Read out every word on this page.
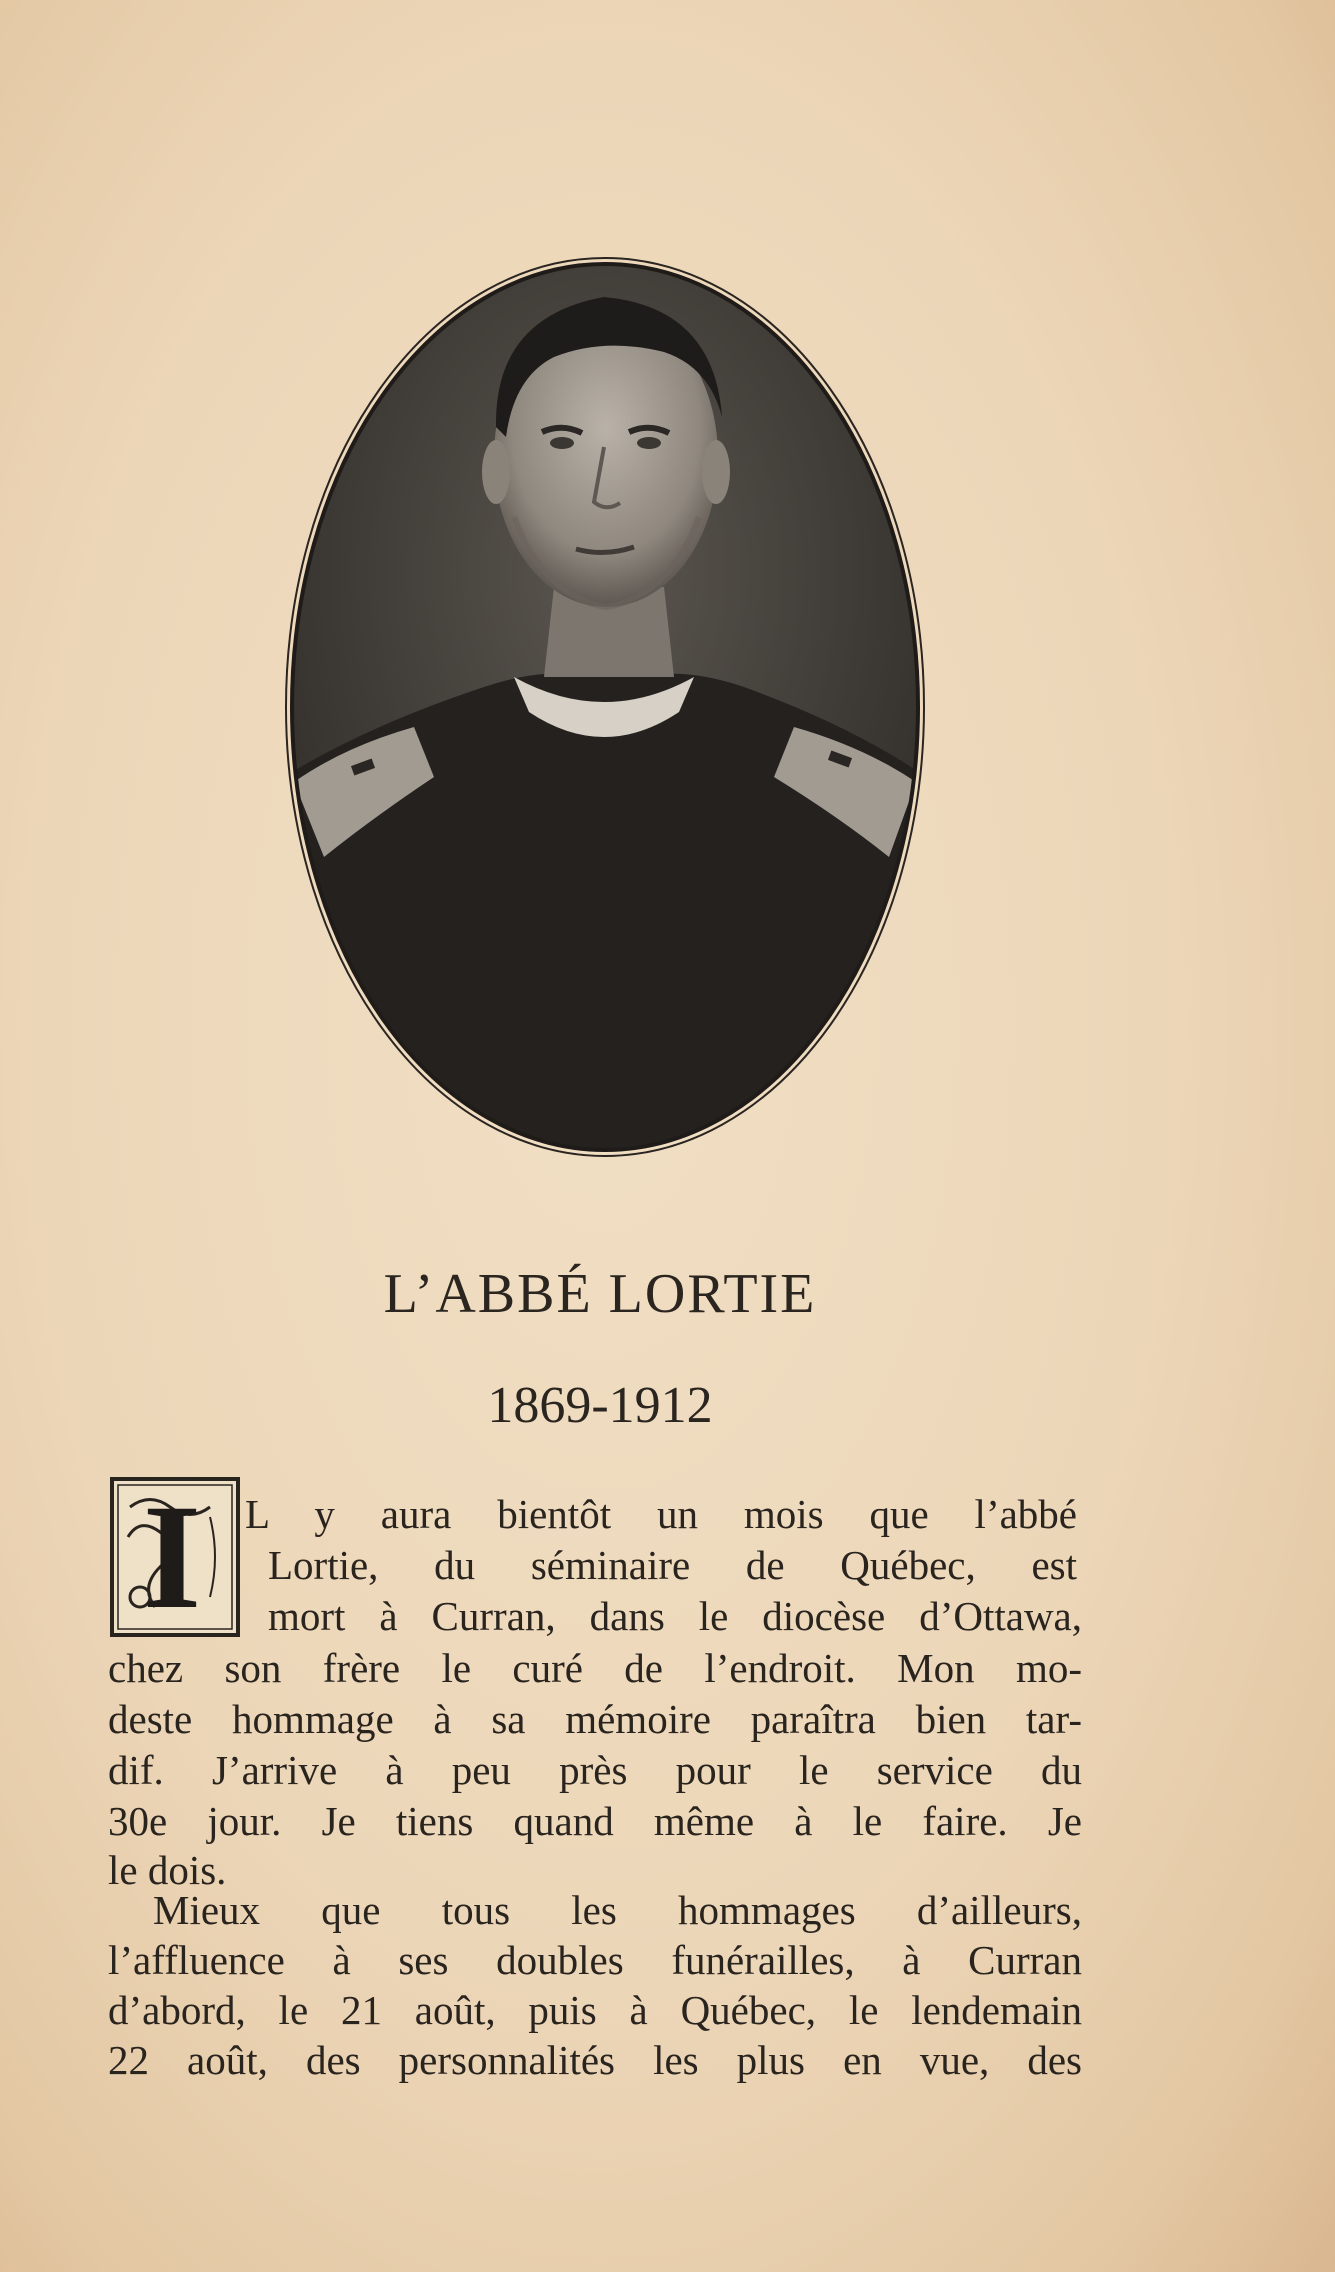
L’ABBÉ LORTIE
1869-1912
I L y aura bientôt un mois que l’abbé
Lortie, du séminaire de Québec, est
mort à Curran, dans le diocèse d’Ottawa,
chez son frère le curé de l’endroit. Mon mo-
deste hommage à sa mémoire paraîtra bien tar-
dif. J’arrive à peu près pour le service du
30e jour. Je tiens quand même à le faire. Je
le dois.
Mieux que tous les hommages d’ailleurs,
l’affluence à ses doubles funérailles, à Curran
d’abord, le 21 août, puis à Québec, le lendemain
22 août, des personnalités les plus en vue, des
